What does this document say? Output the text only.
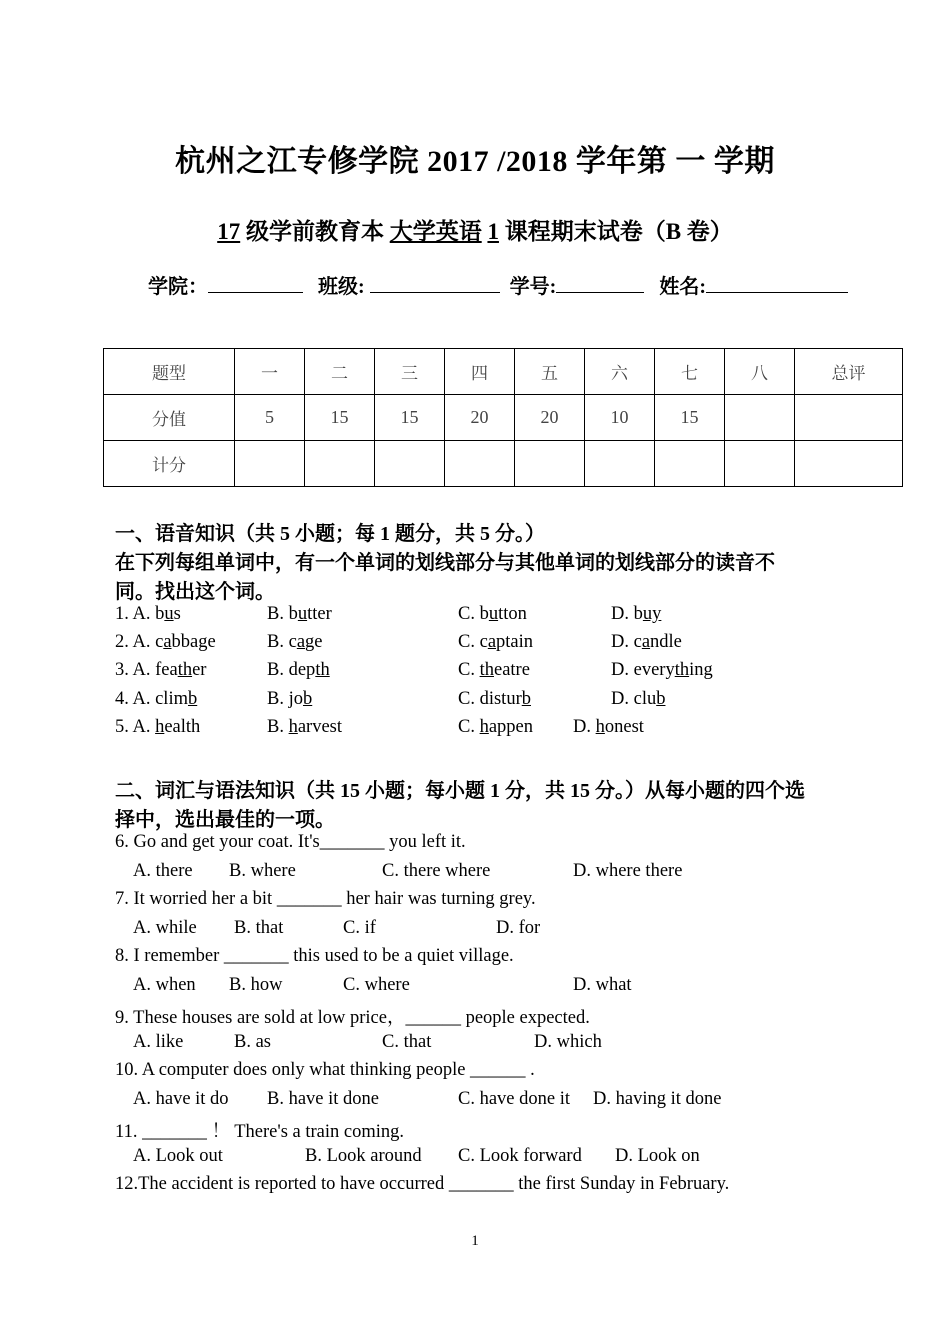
杭州之江专修学院 2017 /2018 学年第 一 学期
17 级学前教育本 大学英语 1 课程期末试卷（B 卷）
学院：	班级:	学号:	姓名:
题型	一	二	三	四	五	六	七	八	总评
分值	5	15	15	20	20	10	15		
计分									
一、语音知识（共 5 小题；每 1 题分，共 5 分。）
在下列每组单词中，有一个单词的划线部分与其他单词的划线部分的读音不
同。找出这个词。
1. A. bus	B. butter	C. button	D. buy
2. A. cabbage	B. cage	C. captain	D. candle
3. A. feather	B. depth	C. theatre	D. everything
4. A. climb	B. job	C. disturb	D. club
5. A. health	B. harvest	C. happen D. honest
二、词汇与语法知识（共 15 小题；每小题 1 分，共 15 分。）从每小题的四个选
择中，选出最佳的一项。
6. Go and get your coat. It's_______ you left it.
A. there B. where	C. there where	D. where there
7. It worried her a bit _______ her hair was turning grey.
A. while B. that	C. if	D. for
8. I remember _______ this used to be a quiet village.
A. when B. how	C. where	D. what
9. These houses are sold at low price，______ people expected.
A. like	B. as	C. that	D. which
10. A computer does only what thinking people ______ .
A. have it do B. have it done	C. have done it D. having it done
11. _______ ！ There's a train coming.
A. Look out	B. Look around C. Look forward D. Look on
12.The accident is reported to have occurred _______ the first Sunday in February.
1
